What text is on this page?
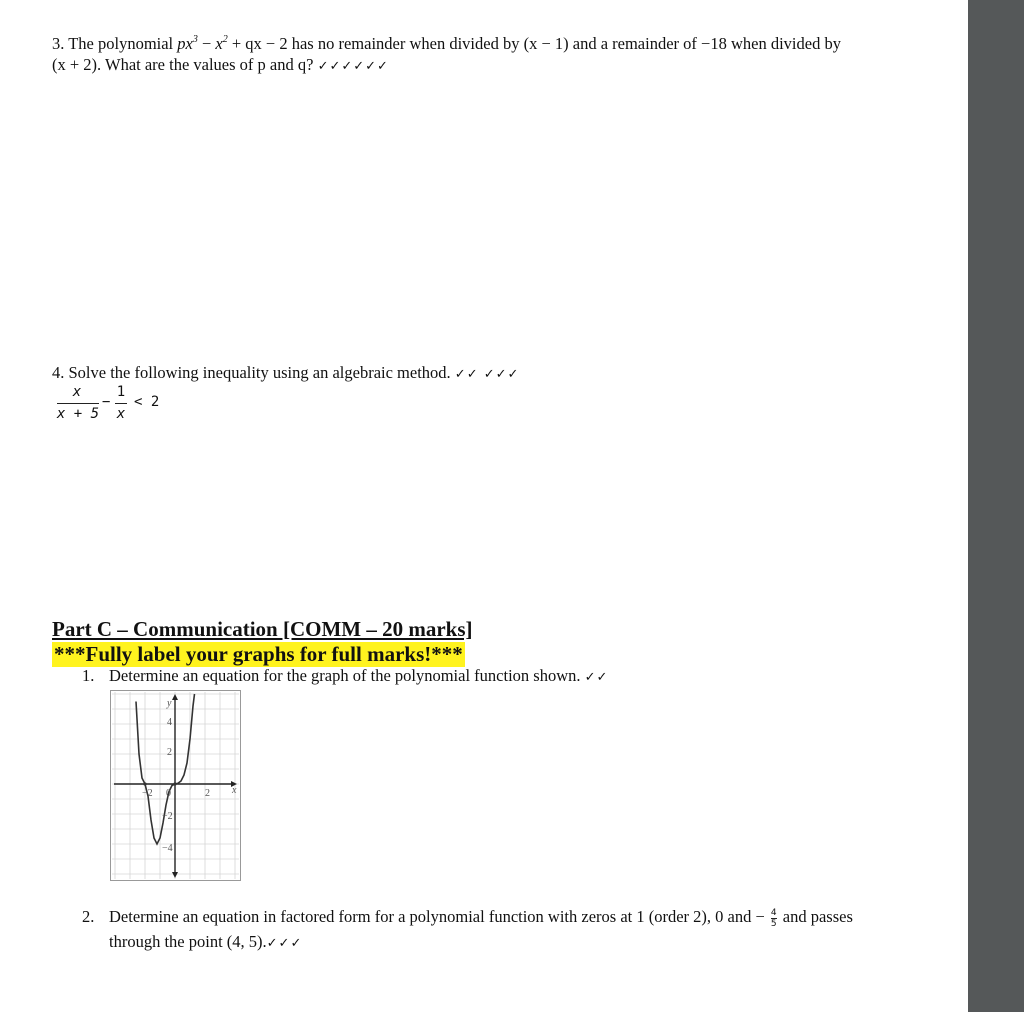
3. The polynomial $px^3 - x^2$ + qx − 2 has no remainder when divided by (x − 1) and a remainder of −18 when divided by
(x + 2). What are the values of p and q? ✓✓✓✓✓✓
4. Solve the following inequality using an algebraic method. ✓✓ ✓✓✓
x
x + 5
−
1
x
< 2
Part C – Communication [COMM – 20 marks]
***Fully label your graphs for full marks!***
1. Determine an equation for the graph of the polynomial function shown. ✓✓
y
x
4
2
−2 0	2
−2
−4
2. Determine an equation in factored form for a polynomial function with zeros at 1 (order 2), 0 and − $\frac{4}{5}$ and passes
through the point (4, 5).✓✓✓
